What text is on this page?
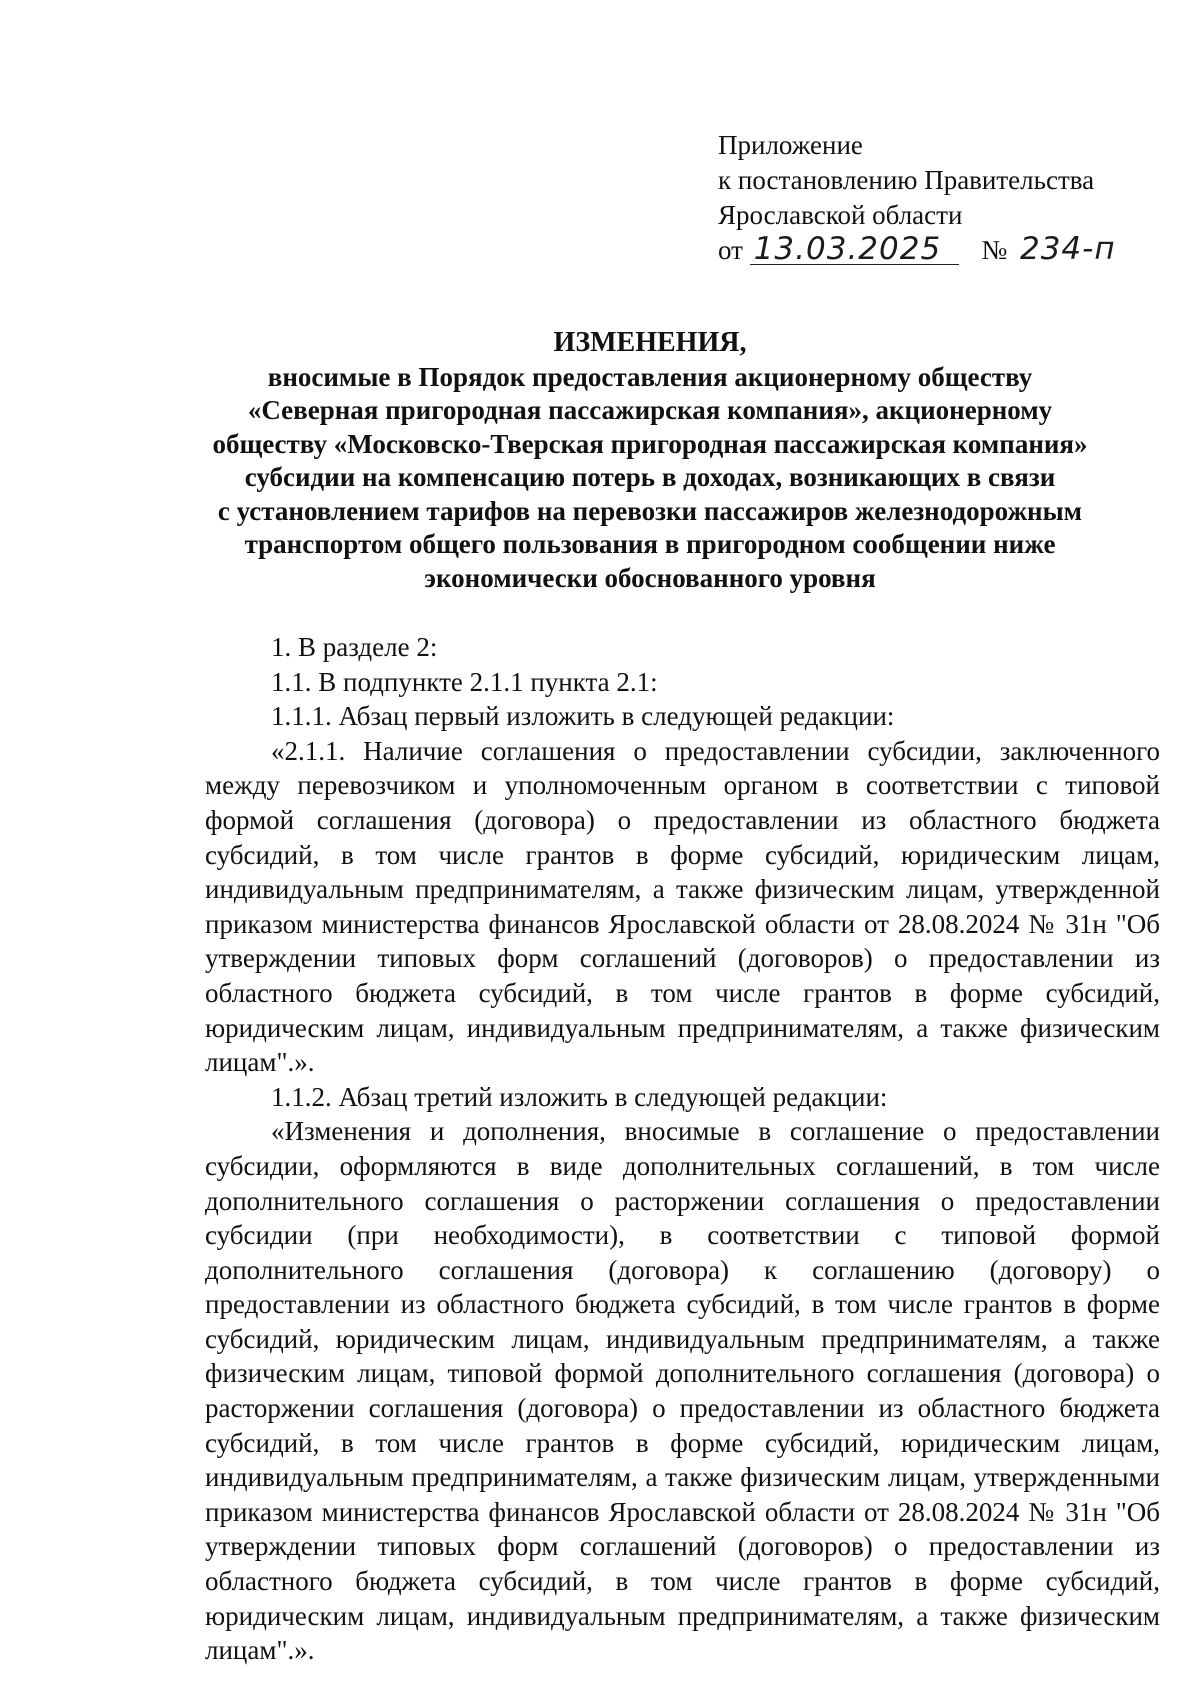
Приложение
к постановлению Правительства
Ярославской области
от 13.03.2025 № 234-п
ИЗМЕНЕНИЯ,
вносимые в Порядок предоставления акционерному обществу
«Северная пригородная пассажирская компания», акционерному
обществу «Московско-Тверская пригородная пассажирская компания»
субсидии на компенсацию потерь в доходах, возникающих в связи
с установлением тарифов на перевозки пассажиров железнодорожным
транспортом общего пользования в пригородном сообщении ниже
экономически обоснованного уровня
1. В разделе 2:
1.1. В подпункте 2.1.1 пункта 2.1:
1.1.1. Абзац первый изложить в следующей редакции:

«2.1.1. Наличие соглашения о предоставлении субсидии, заключенного между перевозчиком и уполномоченным органом в соответствии с типовой формой соглашения (договора) о предоставлении из областного бюджета субсидий, в том числе грантов в форме субсидий, юридическим лицам, индивидуальным предпринимателям, а также физическим лицам, утвержденной приказом министерства финансов Ярославской области от 28.08.2024 № 31н "Об утверждении типовых форм соглашений (договоров) о предоставлении из областного бюджета субсидий, в том числе грантов в форме субсидий, юридическим лицам, индивидуальным предпринимателям, а также физическим лицам".».

1.1.2. Абзац третий изложить в следующей редакции:

«Изменения и дополнения, вносимые в соглашение о предоставлении субсидии, оформляются в виде дополнительных соглашений, в том числе дополнительного соглашения о расторжении соглашения о предоставлении субсидии (при необходимости), в соответствии с типовой формой дополнительного соглашения (договора) к соглашению (договору) о предоставлении из областного бюджета субсидий, в том числе грантов в форме субсидий, юридическим лицам, индивидуальным предпринимателям, а также физическим лицам, типовой формой дополнительного соглашения (договора) о расторжении соглашения (договора) о предоставлении из областного бюджета субсидий, в том числе грантов в форме субсидий, юридическим лицам, индивидуальным предпринимателям, а также физическим лицам, утвержденными приказом министерства финансов Ярославской области от 28.08.2024 № 31н "Об утверждении типовых форм соглашений (договоров) о предоставлении из областного бюджета субсидий, в том числе грантов в форме субсидий, юридическим лицам, индивидуальным предпринимателям, а также физическим лицам".».
